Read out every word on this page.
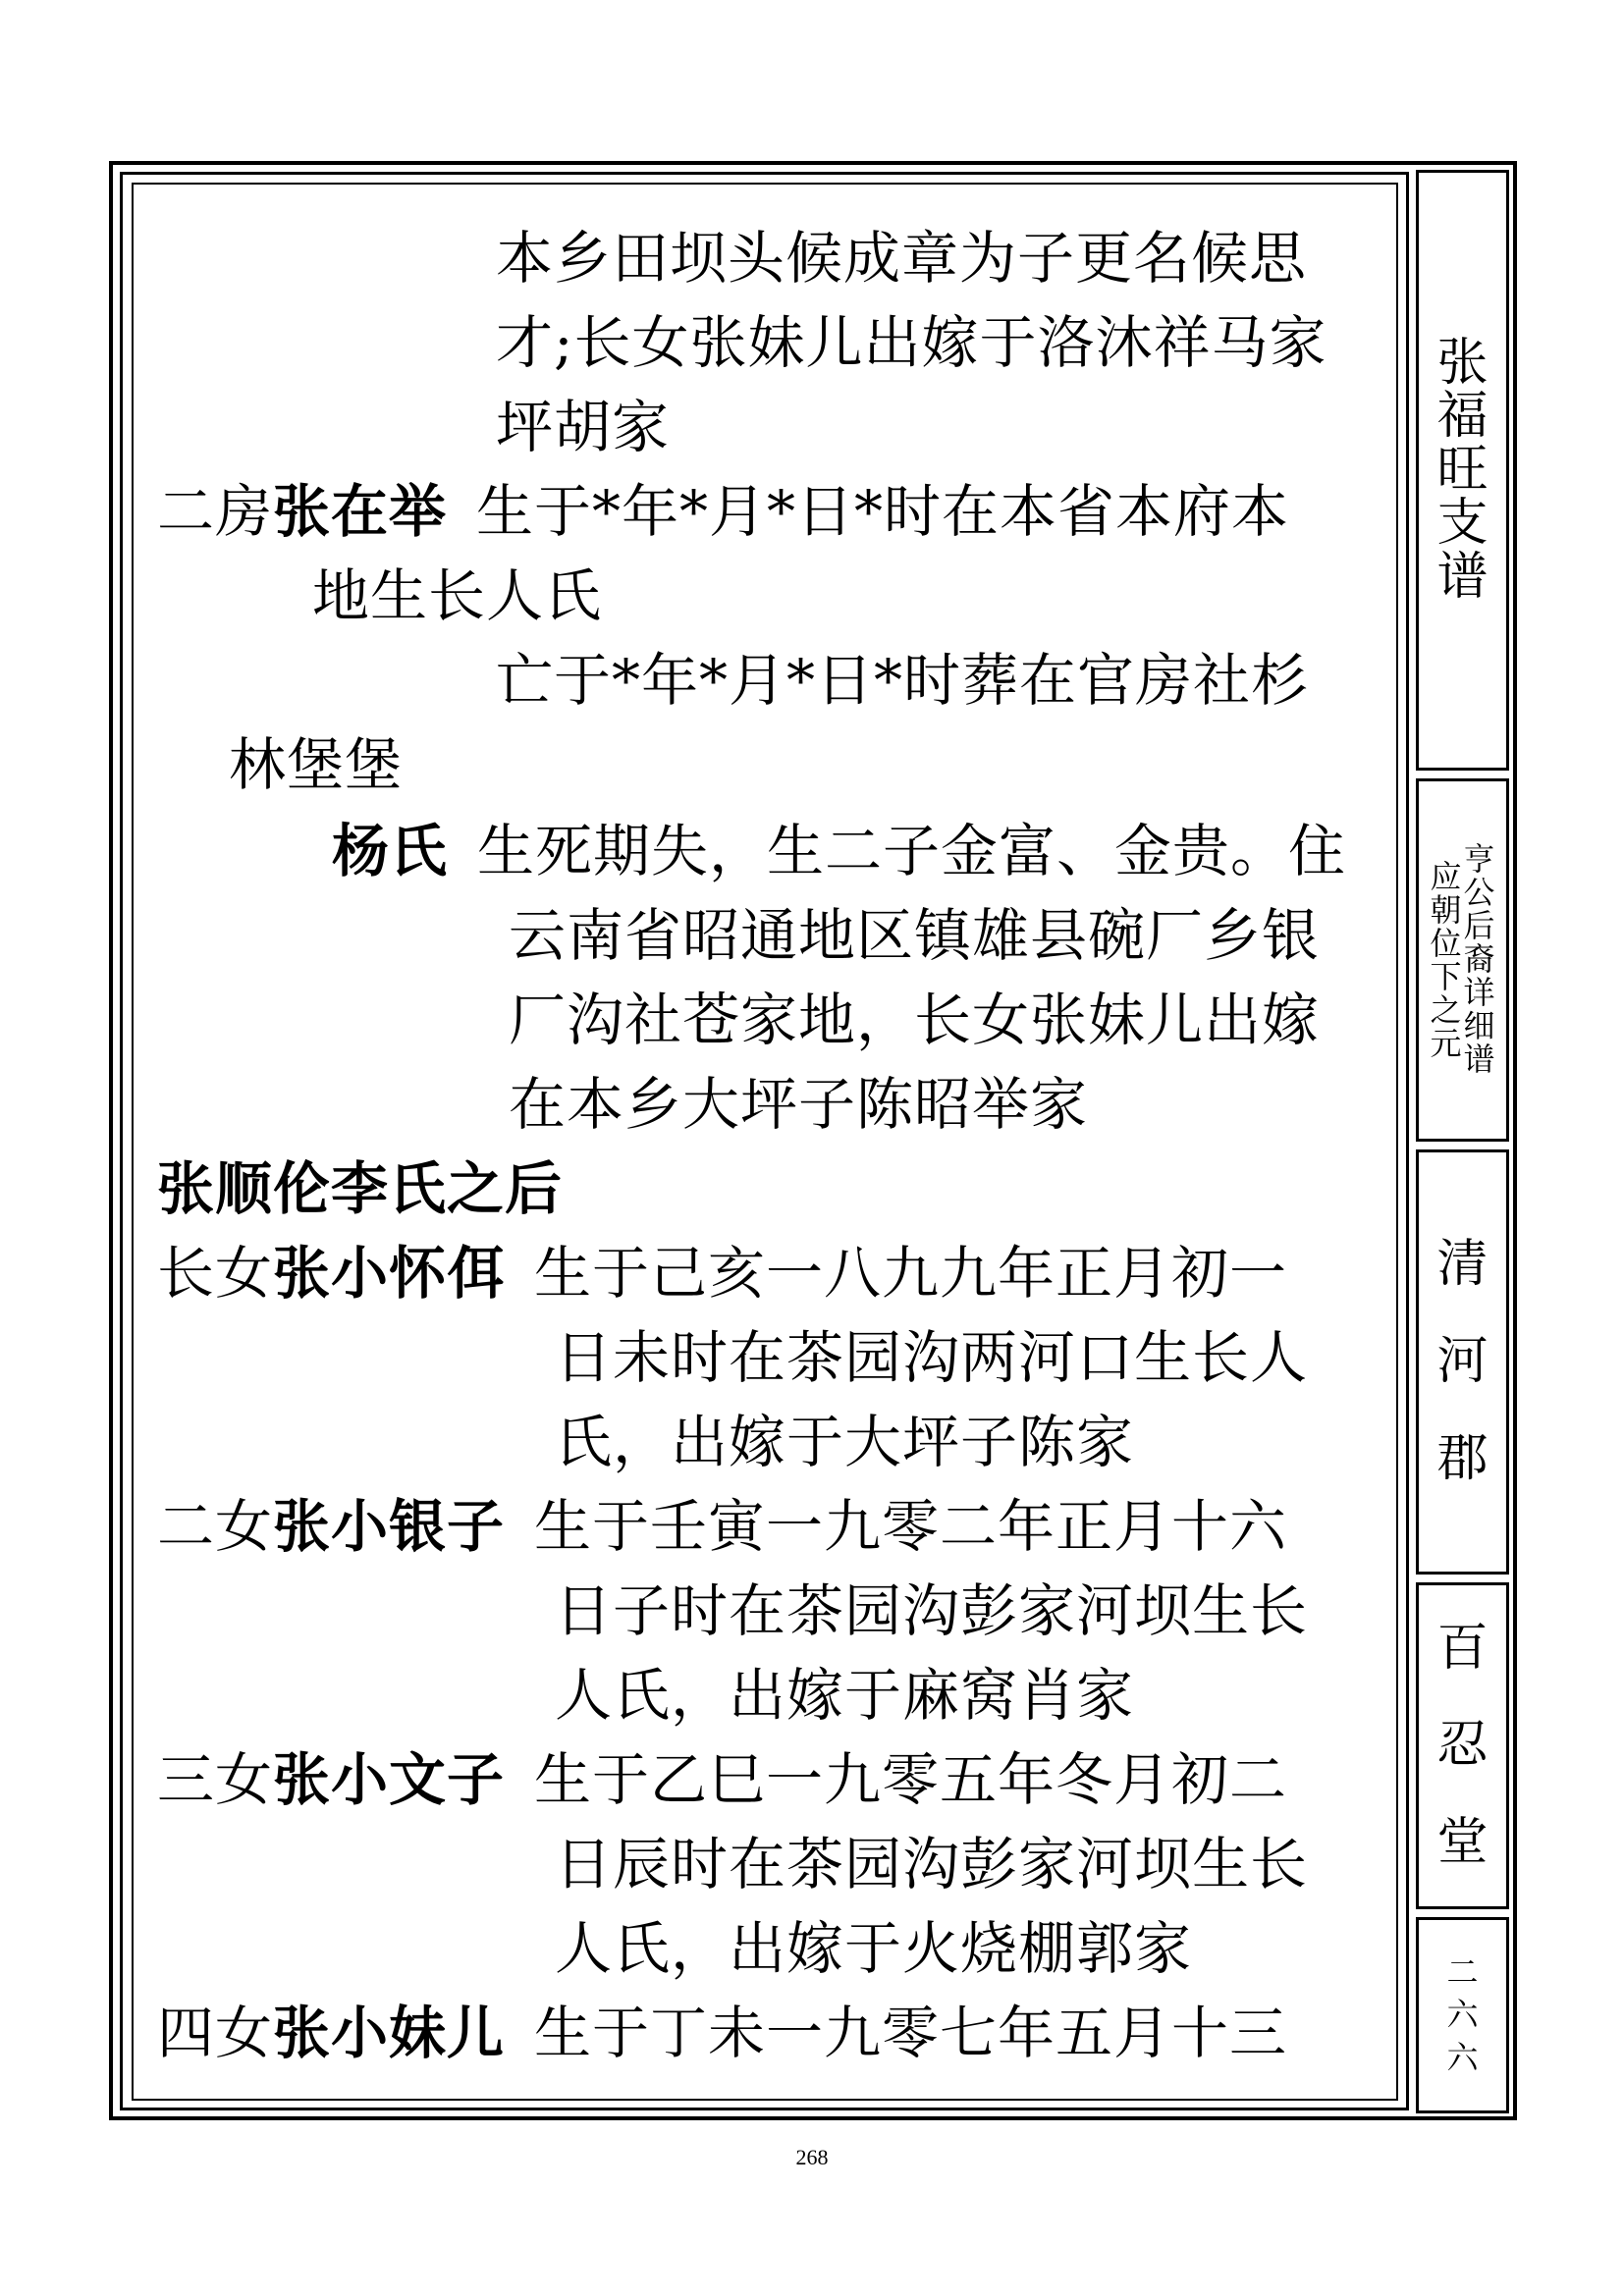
张
福
旺
支
谱
亨
公
后
裔
详
细
谱
应
朝
位
下
之
元
清
河
郡
百
忍
堂
二
六
六
本乡田坝头候成章为子更名候思
才;长女张妹儿出嫁于洛沐祥马家
坪胡家
二房张在举 生于*年*月*日*时在本省本府本
地生长人氏
亡于*年*月*日*时葬在官房社杉
林堡堡
杨氏 生死期失，生二子金富、金贵。住
云南省昭通地区镇雄县碗厂乡银
厂沟社苍家地，长女张妹儿出嫁
在本乡大坪子陈昭举家
张顺伦李氏之后
长女张小怀佴 生于己亥一八九九年正月初一
日未时在茶园沟两河口生长人
氏，出嫁于大坪子陈家
二女张小银子 生于壬寅一九零二年正月十六
日子时在茶园沟彭家河坝生长
人氏，出嫁于麻窝肖家
三女张小文子 生于乙巳一九零五年冬月初二
日辰时在茶园沟彭家河坝生长
人氏，出嫁于火烧棚郭家
四女张小妹儿 生于丁未一九零七年五月十三
268
